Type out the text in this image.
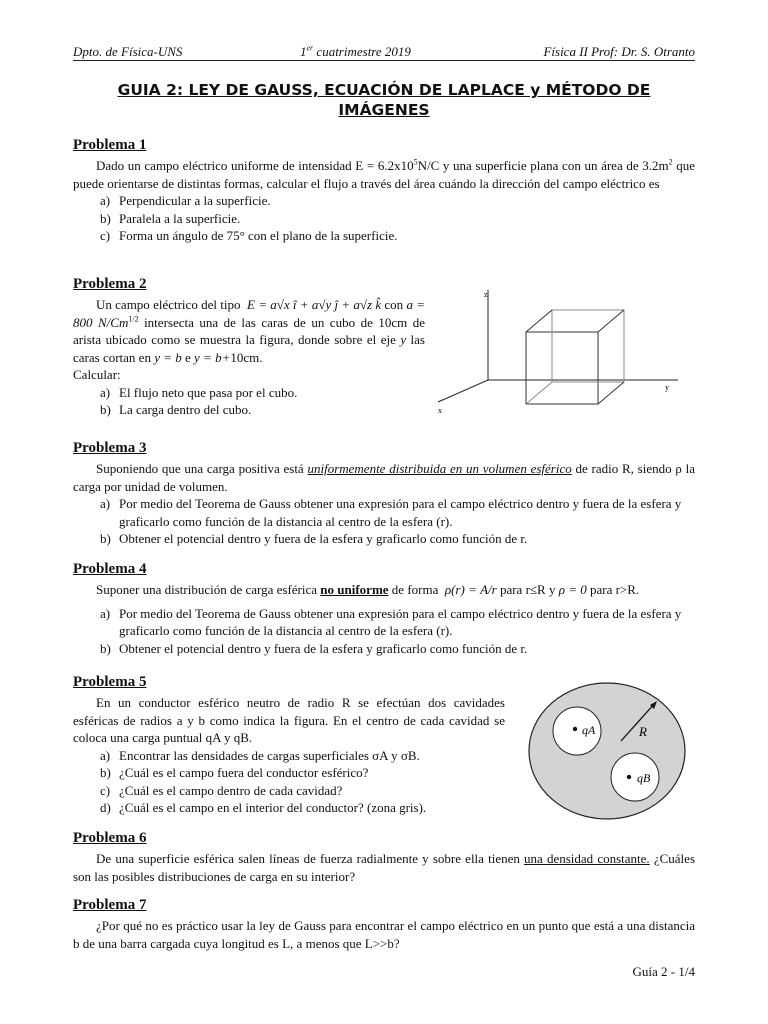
Dpto. de Física-UNS	1er cuatrimestre 2019	Física II Prof: Dr. S. Otranto
GUIA 2: LEY DE GAUSS, ECUACIÓN DE LAPLACE y MÉTODO DE IMÁGENES
Problema 1
Dado un campo eléctrico uniforme de intensidad $E = 6.2x10^5N/C$ y una superficie plana con un área de $3.2m^2$ que puede orientarse de distintas formas, calcular el flujo a través del área cuándo la dirección del campo eléctrico es
a) Perpendicular a la superficie.
b) Paralela a la superficie.
c) Forma un ángulo de 75° con el plano de la superficie.
Problema 2
Un campo eléctrico del tipo E = a√x î + a√y ĵ + a√z k̂ con a = 800 $N/Cm^{1/2}$ intersecta una de las caras de un cubo de 10cm de arista ubicado como se muestra la figura, donde sobre el eje y las caras cortan en y = b e y = b+10cm.
Calcular:
a) El flujo neto que pasa por el cubo.
b) La carga dentro del cubo.
z
y
x
Problema 3
Suponiendo que una carga positiva está uniformemente distribuida en un volumen esférico de radio R, siendo ρ la carga por unidad de volumen.
a) Por medio del Teorema de Gauss obtener una expresión para el campo eléctrico dentro y fuera de la esfera y graficarlo como función de la distancia al centro de la esfera (r).
b) Obtener el potencial dentro y fuera de la esfera y graficarlo como función de r.
Problema 4
Suponer una distribución de carga esférica no uniforme de forma ρ(r) = A/r para r≤R y ρ = 0 para r>R.
a) Por medio del Teorema de Gauss obtener una expresión para el campo eléctrico dentro y fuera de la esfera y graficarlo como función de la distancia al centro de la esfera (r).
b) Obtener el potencial dentro y fuera de la esfera y graficarlo como función de r.
Problema 5
En un conductor esférico neutro de radio R se efectúan dos cavidades esféricas de radios a y b como indica la figura. En el centro de cada cavidad se coloca una carga puntual qA y qB.
a) Encontrar las densidades de cargas superficiales σA y σB.
b) ¿Cuál es el campo fuera del conductor esférico?
c) ¿Cuál es el campo dentro de cada cavidad?
d) ¿Cuál es el campo en el interior del conductor? (zona gris).
qA
qB
R
Problema 6
De una superficie esférica salen líneas de fuerza radialmente y sobre ella tienen una densidad constante. ¿Cuáles son las posibles distribuciones de carga en su interior?
Problema 7
¿Por qué no es práctico usar la ley de Gauss para encontrar el campo eléctrico en un punto que está a una distancia b de una barra cargada cuya longitud es L, a menos que L>>b?
Guía 2 - 1/4
